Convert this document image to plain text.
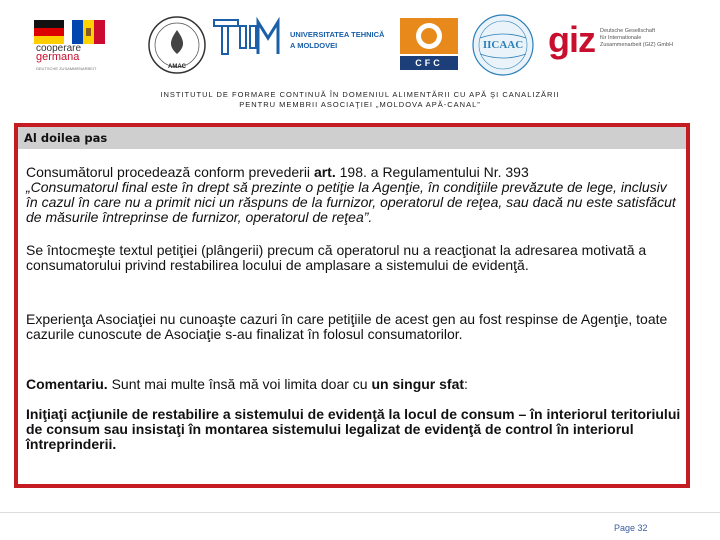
cooperare
germana
DEUTSCHE ZUSAMMENARBEIT	AMAC
UNIVERSITATEA TEHNICĂ
A MOLDOVEI
CFC
IICAAC giz Deutsche Gesellschaft
für Internationale
Zusammenarbeit (GIZ) GmbH
INSTITUTUL DE FORMARE CONTINUĂ ÎN DOMENIUL ALIMENTĂRII CU APĂ ŞI CANALIZĂRII
PENTRU MEMBRII ASOCIAŢIEI „MOLDOVA APĂ-CANAL”
Al doilea pas
Consumătorul procedează conform prevederii art. 198. a Regulamentului Nr. 393
„Consumatorul final este în drept să prezinte o petiţie la Agenţie, în condiţiile prevăzute de lege, inclusiv în cazul în care nu a primit nici un răspuns de la furnizor, operatorul de reţea, sau dacă nu este satisfăcut de măsurile întreprinse de furnizor, operatorul de reţea”.
Se întocmeşte textul petiţiei (plângerii) precum că operatorul nu a reacţionat la adresarea motivată a consumatorului privind restabilirea locului de amplasare a sistemului de evidenţă.
Experienţa Asociaţiei nu cunoaşte cazuri în care petiţiile de acest gen au fost respinse de Agenţie, toate cazurile cunoscute de Asociaţie s-au finalizat în folosul consumatorilor.
Comentariu. Sunt mai multe însă mă voi limita doar cu un singur sfat:
Iniţiaţi acţiunile de restabilire a sistemului de evidenţă la locul de consum – în interiorul teritoriului de consum sau insistaţi în montarea sistemului legalizat de evidenţă de control în interiorul întreprinderii.
Page 32
